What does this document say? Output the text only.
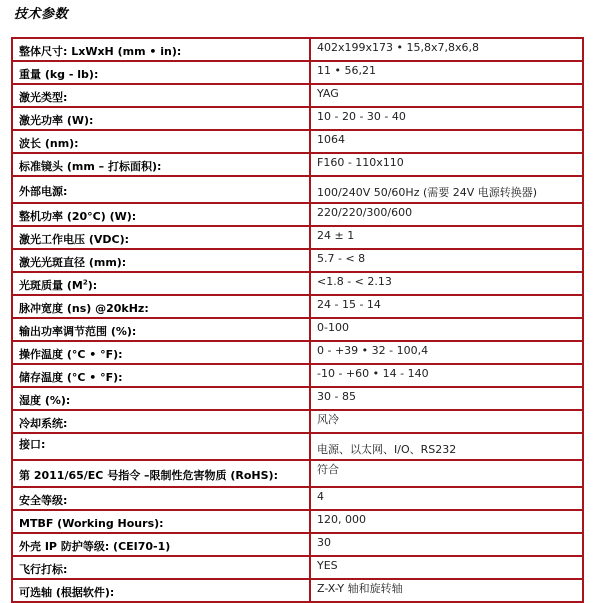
技术参数
整体尺寸: LxWxH (mm • in):	402x199x173 • 15,8x7,8x6,8
重量 (kg - lb):	11 • 56,21
激光类型:	YAG
激光功率 (W):	10 - 20 - 30 - 40
波长 (nm):	1064
标准镜头 (mm – 打标面积):	F160 - 110x110
外部电源:	100/240V 50/60Hz (需要 24V 电源转换器)
整机功率 (20°C) (W):	220/220/300/600
激光工作电压 (VDC):	24 ± 1
激光光斑直径 (mm):	5.7 - < 8
光斑质量 $(M^2)$:	<1.8 - < 2.13
脉冲宽度 (ns) @20kHz:	24 - 15 - 14
输出功率调节范围 (%):	0-100
操作温度 (°C • °F):	0 - +39 • 32 - 100,4
储存温度 (°C • °F):	-10 - +60 • 14 - 140
湿度 (%):	30 - 85
冷却系统:	风冷
接口:	电源、以太网、I/O、RS232
第 2011/65/EC 号指令 –限制性危害物质 (RoHS):	符合
安全等级:	4
MTBF (Working Hours):	120, 000
外壳 IP 防护等级: (CEI70-1)	30
飞行打标:	YES
可选轴 (根据软件):	Z-X-Y 轴和旋转轴
